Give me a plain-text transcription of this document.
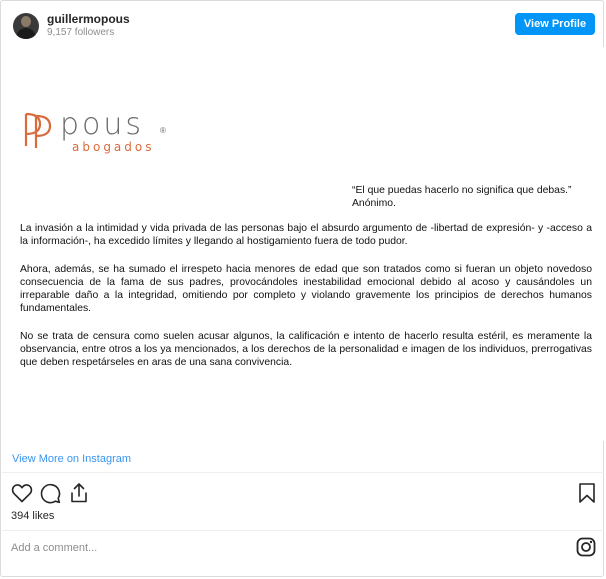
guillermopous
9,157 followers
View Profile
pous ®
abogados
“El que puedas hacerlo no significa que debas.”
Anónimo.
La invasión a la intimidad y vida privada de las personas bajo el absurdo argumento de -libertad de expresión- y -acceso a la información-, ha excedido límites y llegando al hostigamiento fuera de todo pudor.
Ahora, además, se ha sumado el irrespeto hacia menores de edad que son tratados como si fueran un objeto novedoso consecuencia de la fama de sus padres, provocándoles inestabilidad emocional debido al acoso y causándoles un irreparable daño a la integridad, omitiendo por completo y violando gravemente los principios de derechos humanos fundamentales.
No se trata de censura como suelen acusar algunos, la calificación e intento de hacerlo resulta estéril, es meramente la observancia, entre otros a los ya mencionados, a los derechos de la personalidad e imagen de los individuos, prerrogativas que deben respetárseles en aras de una sana convivencia.
View More on Instagram
394 likes
Add a comment...
